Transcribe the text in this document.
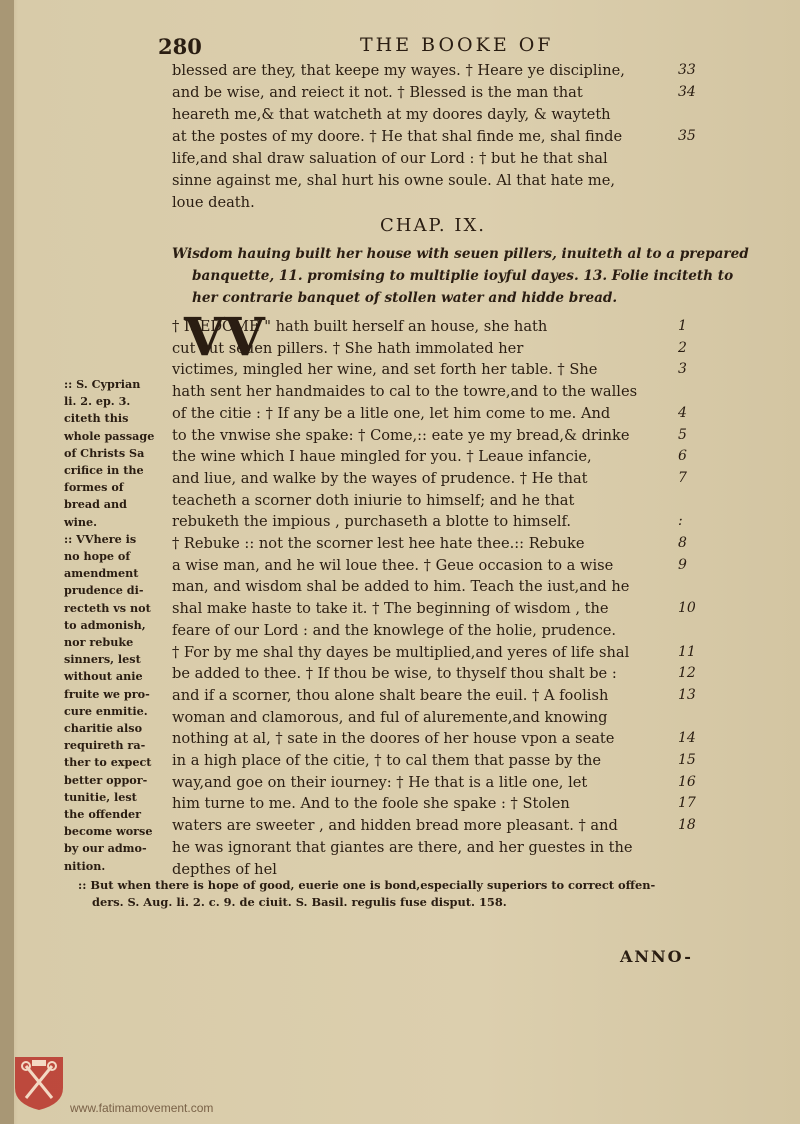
280	THE BOOKE OF
blessed are they, that keepe my wayes. † Heare ye discipline,
and be wise, and reiect it not. † Blessed is the man that
heareth me,& that watcheth at my doores dayly, & wayteth
at the postes of my doore. † He that shal finde me, shal finde
life,and shal draw saluation of our Lord : † but he that shal
sinne against me, shal hurt his owne soule. Al that hate me,
loue death.
33
34
35
CHAP. IX.
Wisdom hauing built her house with seuen pillers, inuiteth al to a prepared
banquette, 11. promising to multiplie ioyful dayes. 13. Folie inciteth to
her contrarie banquet of stollen water and hidde bread.
VV
† ISEDOME " hath built herself an house, she hath
cut out seuen pillers. † She hath immolated her
victimes, mingled her wine, and set forth her table. † She
hath sent her handmaides to cal to the towre,and to the walles
of the citie : † If any be a litle one, let him come to me. And
to the vnwise she spake: † Come,:: eate ye my bread,& drinke
the wine which I haue mingled for you. † Leaue infancie,
and liue, and walke by the wayes of prudence. † He that
teacheth a scorner doth iniurie to himself; and he that
rebuketh the impious , purchaseth a blotte to himself.
† Rebuke :: not the scorner lest hee hate thee.:: Rebuke
a wise man, and he wil loue thee. † Geue occasion to a wise
man, and wisdom shal be added to him. Teach the iust,and he
shal make haste to take it. † The beginning of wisdom , the
feare of our Lord : and the knowlege of the holie, prudence.
† For by me shal thy dayes be multiplied,and yeres of life shal
be added to thee. † If thou be wise, to thyself thou shalt be :
and if a scorner, thou alone shalt beare the euil. † A foolish
woman and clamorous, and ful of aluremente,and knowing
nothing at al, † sate in the doores of her house vpon a seate
in a high place of the citie, † to cal them that passe by the
way,and goe on their iourney: † He that is a litle one, let
him turne to me. And to the foole she spake : † Stolen
waters are sweeter , and hidden bread more pleasant. † and
he was ignorant that giantes are there, and her guestes in the
depthes of hel
1
2
3
4
5
6
7
:
8
9
10
11
12
13
14
15
16
17
18
:: S. Cyprian
li. 2. ep. 3.
citeth this
whole passage
of Christs Sa
crifice in the
formes of
bread and
wine.
:: VVhere is
no hope of
amendment
prudence di-
recteth vs not
to admonish,
nor rebuke
sinners, lest
without anie
fruite we pro-
cure enmitie.
charitie also
requireth ra-
ther to expect
better oppor-
tunitie, lest
the offender
become worse
by our admo-
nition.
:: But when there is hope of good, euerie one is bond,especially superiors to correct offen-
ders. S. Aug. li. 2. c. 9. de ciuit. S. Basil. regulis fuse disput. 158.
ANNO-
www.fatimamovement.com
